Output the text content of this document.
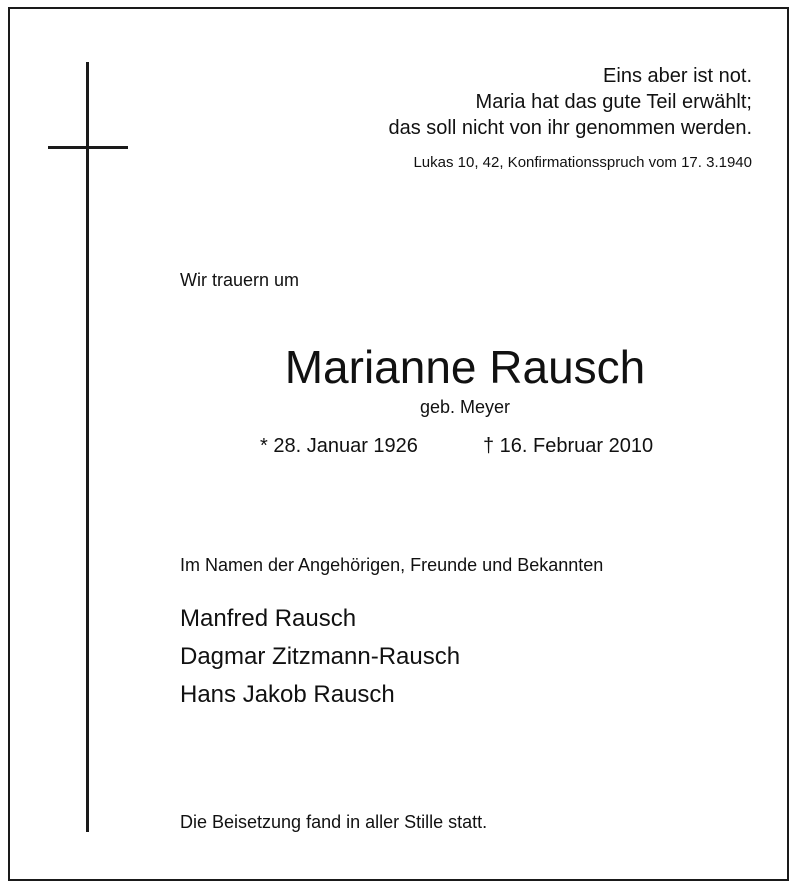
Eins aber ist not.
Maria hat das gute Teil erwählt;
das soll nicht von ihr genommen werden.
Lukas 10, 42, Konfirmationsspruch vom 17. 3.1940
Wir trauern um
Marianne Rausch
geb. Meyer
* 28. Januar 1926	† 16. Februar 2010
Im Namen der Angehörigen, Freunde und Bekannten
Manfred Rausch
Dagmar Zitzmann-Rausch
Hans Jakob Rausch
Die Beisetzung fand in aller Stille statt.
